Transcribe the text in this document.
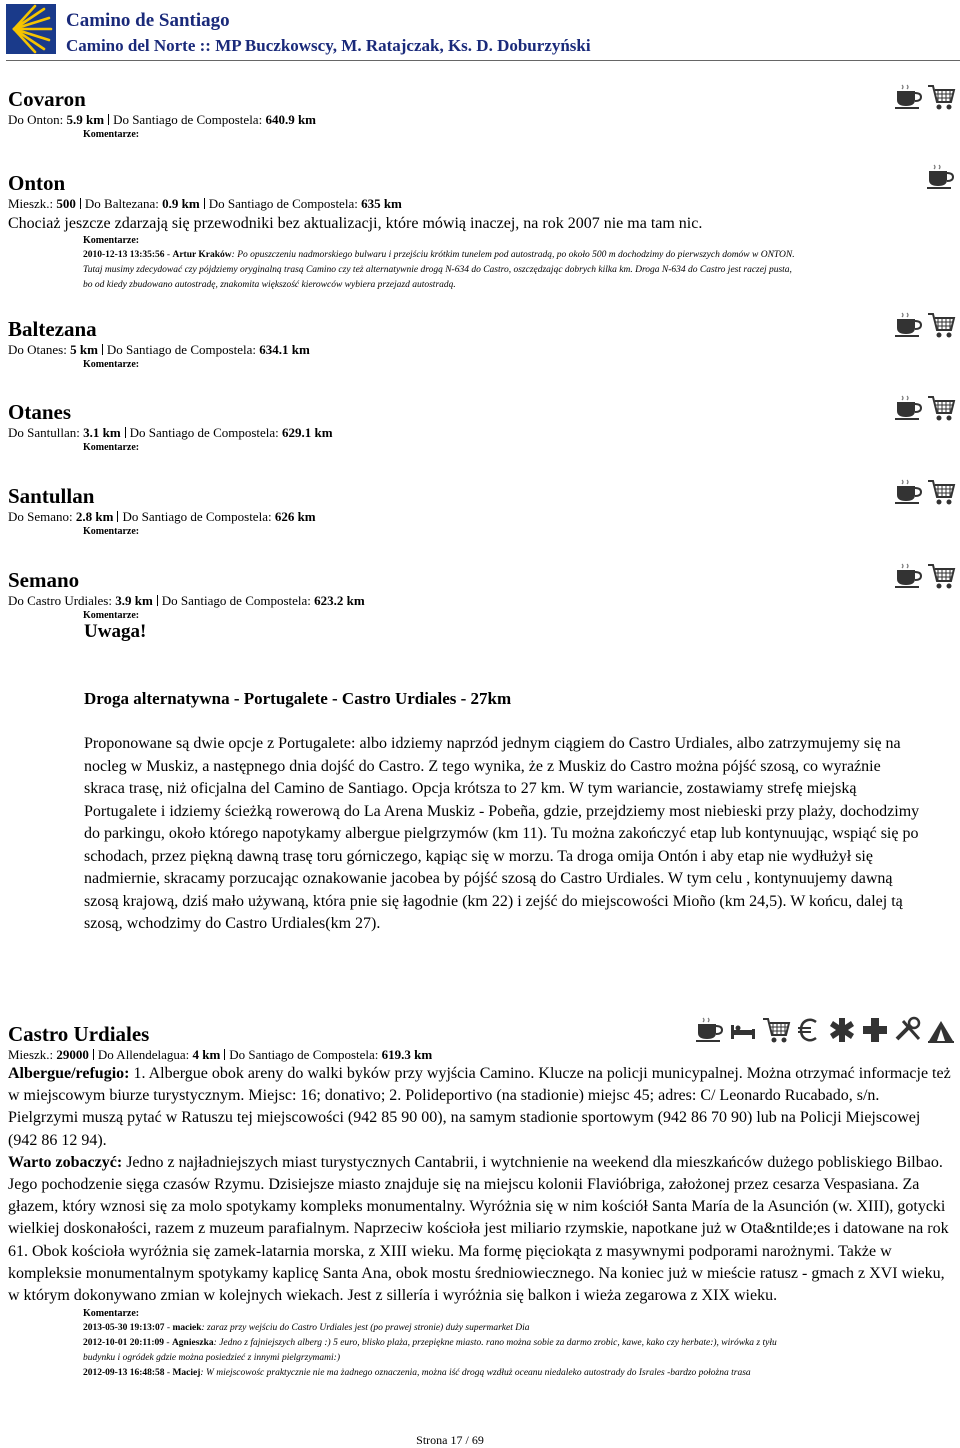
Camino de Santiago
Camino del Norte :: MP Buczkowscy, M. Ratajczak, Ks. D. Doburzyński
Covaron
Do Onton: 5.9 km Do Santiago de Compostela: 640.9 km
Komentarze:
Onton
Mieszk.: 500 Do Baltezana: 0.9 km Do Santiago de Compostela: 635 km
Chociaż jeszcze zdarzają się przewodniki bez aktualizacji, które mówią inaczej, na rok 2007 nie ma tam nic.
Komentarze:
2010-12-13 13:35:56 - Artur Kraków: Po opuszczeniu nadmorskiego bulwaru i przejściu krótkim tunelem pod autostradą, po około 500 m dochodzimy do pierwszych domów w ONTON. Tutaj musimy zdecydować czy pójdziemy oryginalną trasą Camino czy też alternatywnie drogą N-634 do Castro, oszczędzając dobrych kilka km. Droga N-634 do Castro jest raczej pusta, bo od kiedy zbudowano autostradę, znakomita większość kierowców wybiera przejazd autostradą.
Baltezana
Do Otanes: 5 km Do Santiago de Compostela: 634.1 km
Komentarze:
Otanes
Do Santullan: 3.1 km Do Santiago de Compostela: 629.1 km
Komentarze:
Santullan
Do Semano: 2.8 km Do Santiago de Compostela: 626 km
Komentarze:
Semano
Do Castro Urdiales: 3.9 km Do Santiago de Compostela: 623.2 km
Komentarze:
Uwaga!

Droga alternatywna - Portugalete - Castro Urdiales - 27km

Proponowane są dwie opcje z Portugalete: albo idziemy naprzód jednym ciągiem do Castro Urdiales, albo zatrzymujemy się na nocleg w Muskiz, a następnego dnia dojść do Castro. Z tego wynika, że z Muskiz do Castro można pójść szosą, co wyraźnie skraca trasę, niż oficjalna del Camino de Santiago. Opcja krótsza to 27 km. W tym wariancie, zostawiamy strefę miejską Portugalete i idziemy ścieżką rowerową do La Arena Muskiz - Pobeña, gdzie, przejdziemy most niebieski przy plaży, dochodzimy do parkingu, około którego napotykamy albergue pielgrzymów (km 11). Tu można zakończyć etap lub kontynuując, wspiąć się po schodach, przez piękną dawną trasę toru górniczego, kąpiąc się w morzu. Ta droga omija Ontón i aby etap nie wydłużył się nadmiernie, skracamy porzucając oznakowanie jacobea by pójść szosą do Castro Urdiales. W tym celu , kontynuujemy dawną szosą krajową, dziś mało używaną, która pnie się łagodnie (km 22) i zejść do miejscowości Mioño (km 24,5). W końcu, dalej tą szosą, wchodzimy do Castro Urdiales(km 27).

Castro Urdiales
Mieszk.: 29000 Do Allendelagua: 4 km Do Santiago de Compostela: 619.3 km
Albergue/refugio: 1. Albergue obok areny do walki byków przy wyjścia Camino. Klucze na policji municypalnej. Można otrzymać informacje też w miejscowym biurze turystycznym. Miejsc: 16; donativo; 2. Polideportivo (na stadionie) miejsc 45; adres: C/ Leonardo Rucabado, s/n. Pielgrzymi muszą pytać w Ratuszu tej miejscowości (942 85 90 00), na samym stadionie sportowym (942 86 70 90) lub na Policji Miejscowej (942 86 12 94).
Warto zobaczyć: Jedno z najładniejszych miast turystycznych Cantabrii, i wytchnienie na weekend dla mieszkańców dużego pobliskiego Bilbao. Jego pochodzenie sięga czasów Rzymu. Dzisiejsze miasto znajduje się na miejscu kolonii Flavióbriga, założonej przez cesarza Vespasiana. Za głazem, który wznosi się za molo spotykamy kompleks monumentalny. Wyróżnia się w nim kościół Santa María de la Asunción (w. XIII), gotycki wielkiej doskonałości, razem z muzeum parafialnym. Naprzeciw kościoła jest miliario rzymskie, napotkane już w Ota&ntilde;es i datowane na rok 61. Obok kościoła wyróżnia się zamek-latarnia morska, z XIII wieku. Ma formę pięciokąta z masywnymi podporami narożnymi. Także w kompleksie monumentalnym spotykamy kaplicę Santa Ana, obok mostu średniowiecznego. Na koniec już w mieście ratusz - gmach z XVI wieku, w którym dokonywano zmian w kolejnych wiekach. Jest z sillería i wyróżnia się balkon i wieża zegarowa z XIX wieku.
Komentarze:
2013-05-30 19:13:07 - maciek: zaraz przy wejściu do Castro Urdiales jest (po prawej stronie) duży supermarket Dia
2012-10-01 20:11:09 - Agnieszka: Jedno z fajniejszych alberg :) 5 euro, blisko plaża, przepiękne miasto. rano można sobie za darmo zrobic, kawe, kako czy herbate:), wirówka z tyłu budynku i ogródek gdzie można posiedzieć z innymi pielgrzymami:)
2012-09-13 16:48:58 - Maciej: W miejscowośc praktycznie nie ma żadnego oznaczenia, można iść drogą wzdłuż oceanu niedaleko autostrady do Israles -bardzo położna trasa
Strona 17 / 69
